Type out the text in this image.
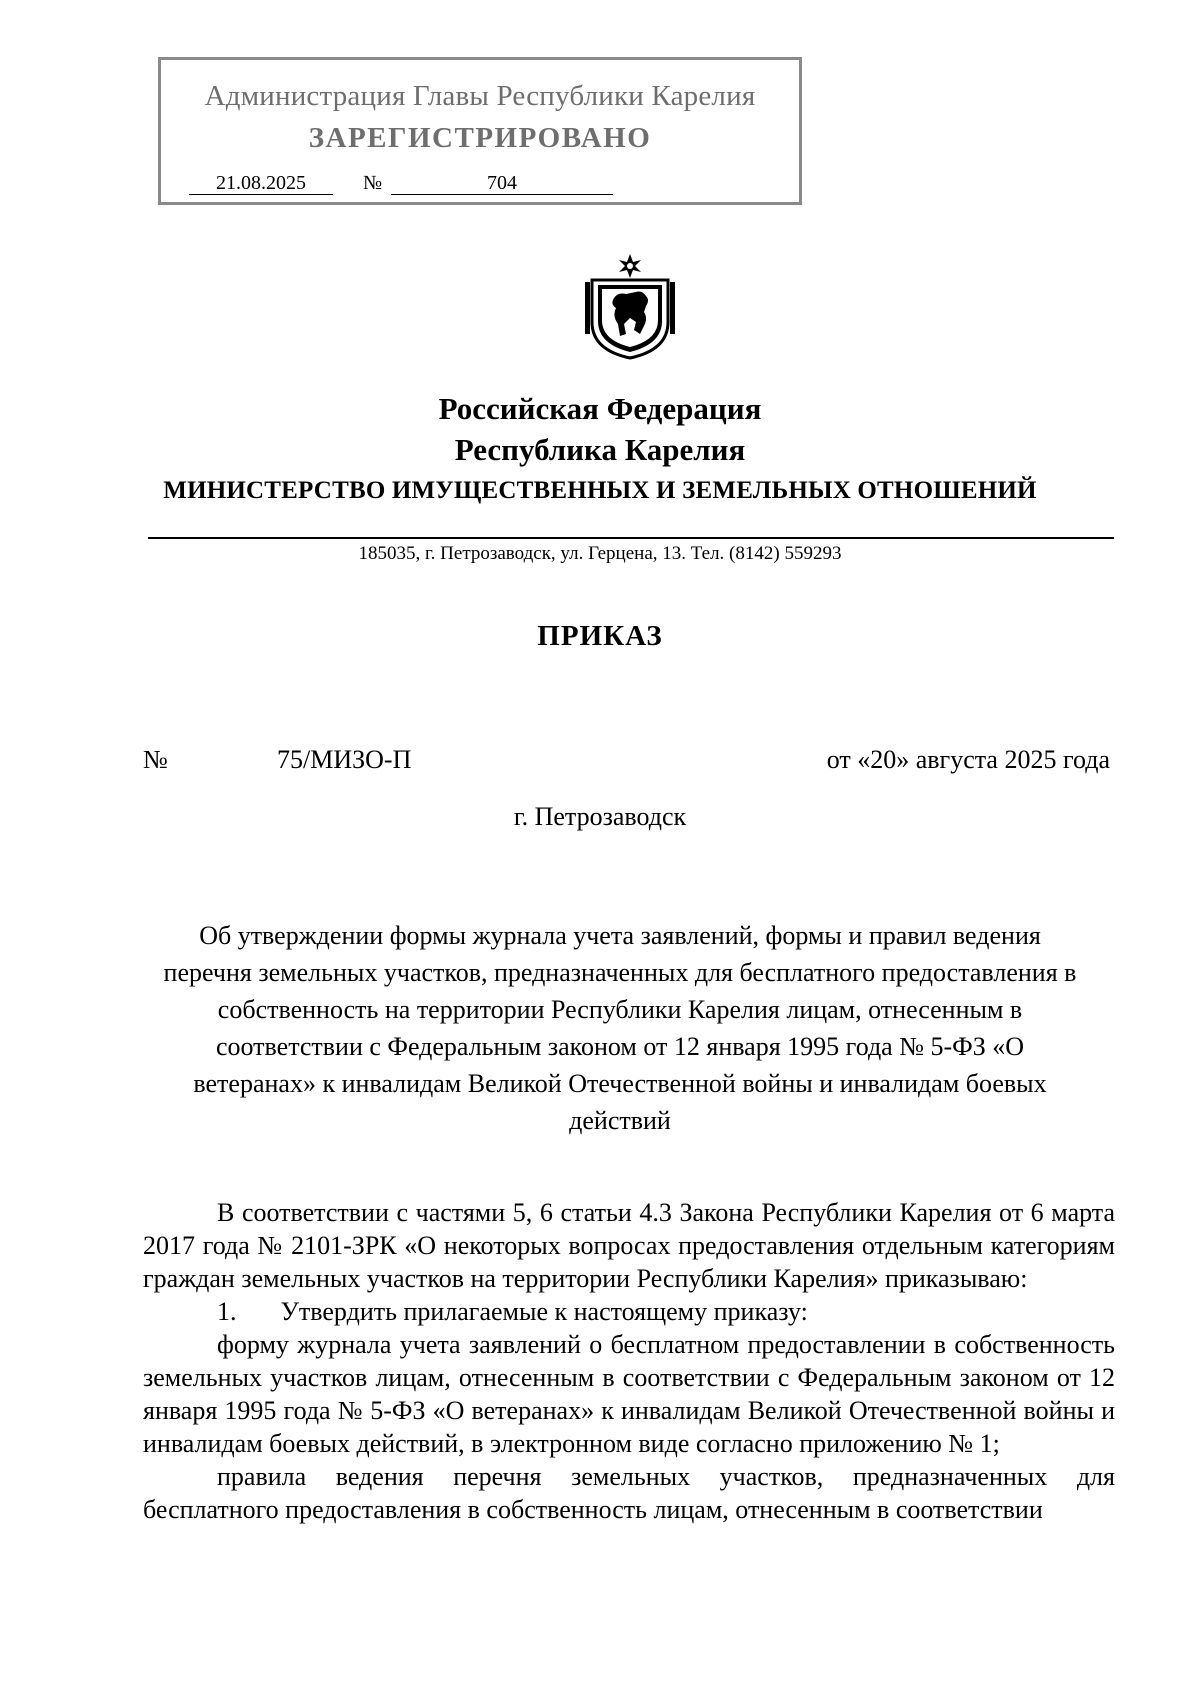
Администрация Главы Республики Карелия
ЗАРЕГИСТРИРОВАНО
21.08.2025	№	704
Российская Федерация
Республика Карелия
МИНИСТЕРСТВО ИМУЩЕСТВЕННЫХ И ЗЕМЕЛЬНЫХ ОТНОШЕНИЙ
185035, г. Петрозаводск, ул. Герцена, 13. Тел. (8142) 559293
ПРИКАЗ
№	75/МИЗО-П	от «20» августа 2025 года
г. Петрозаводск
Об утверждении формы журнала учета заявлений, формы и правил ведения перечня земельных участков, предназначенных для бесплатного предоставления в собственность на территории Республики Карелия лицам, отнесенным в соответствии с Федеральным законом от 12 января 1995 года № 5-ФЗ «О ветеранах» к инвалидам Великой Отечественной войны и инвалидам боевых действий

В соответствии с частями 5, 6 статьи 4.3 Закона Республики Карелия от 6 марта 2017 года № 2101-ЗРК «О некоторых вопросах предоставления отдельным категориям граждан земельных участков на территории Республики Карелия» приказываю:

1. Утвердить прилагаемые к настоящему приказу:

форму журнала учета заявлений о бесплатном предоставлении в собственность земельных участков лицам, отнесенным в соответствии с Федеральным законом от 12 января 1995 года № 5-ФЗ «О ветеранах» к инвалидам Великой Отечественной войны и инвалидам боевых действий, в электронном виде согласно приложению № 1;

правила ведения перечня земельных участков, предназначенных для бесплатного предоставления в собственность лицам, отнесенным в соответствии
